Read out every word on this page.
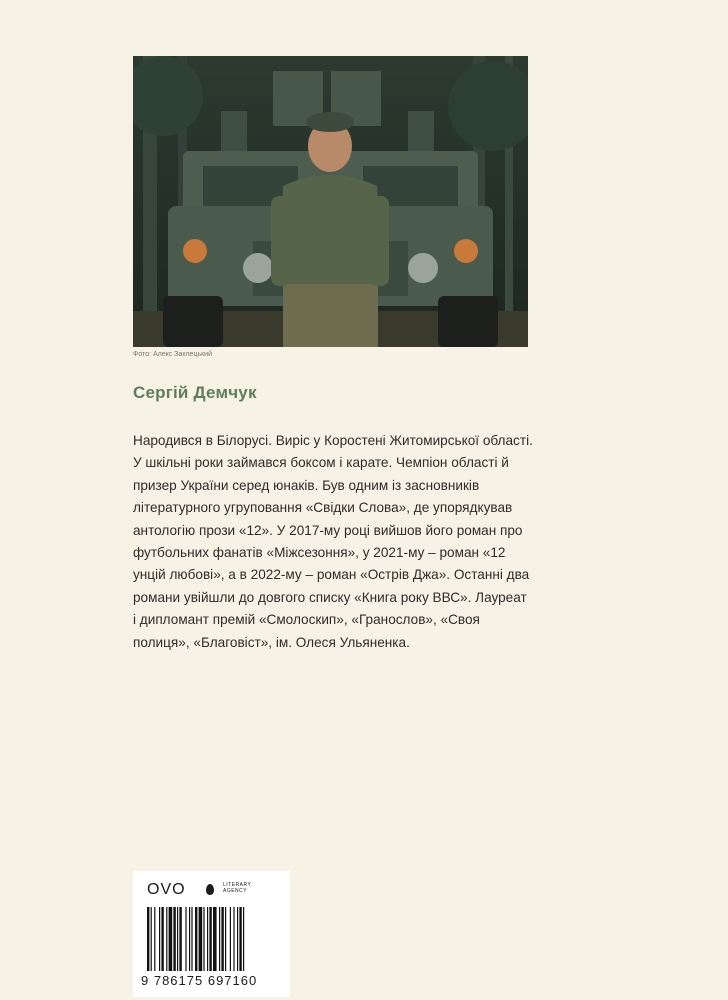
Фото: Алекс Заклецький
Сергій Демчук

Народився в Білорусі. Виріс у Коростені Житомирської області. У шкільні роки займався боксом і карате. Чемпіон області й призер України серед юнаків. Був одним із засновників літературного угруповання «Свідки Слова», де упорядкував антологію прози «12». У 2017-му році вийшов його роман про футбольних фанатів «Міжсезоння», у 2021-му – роман «12 унцій любові», а в 2022-му – роман «Острів Джа». Останні два романи увійшли до довгого списку «Книга року ВВС». Лауреат і дипломант премій «Смолоскип», «Гранослов», «Своя полиця», «Благовіст», ім. Олеся Ульяненка.

OVO	LITERARY
AGENCY
9 786175 697160
